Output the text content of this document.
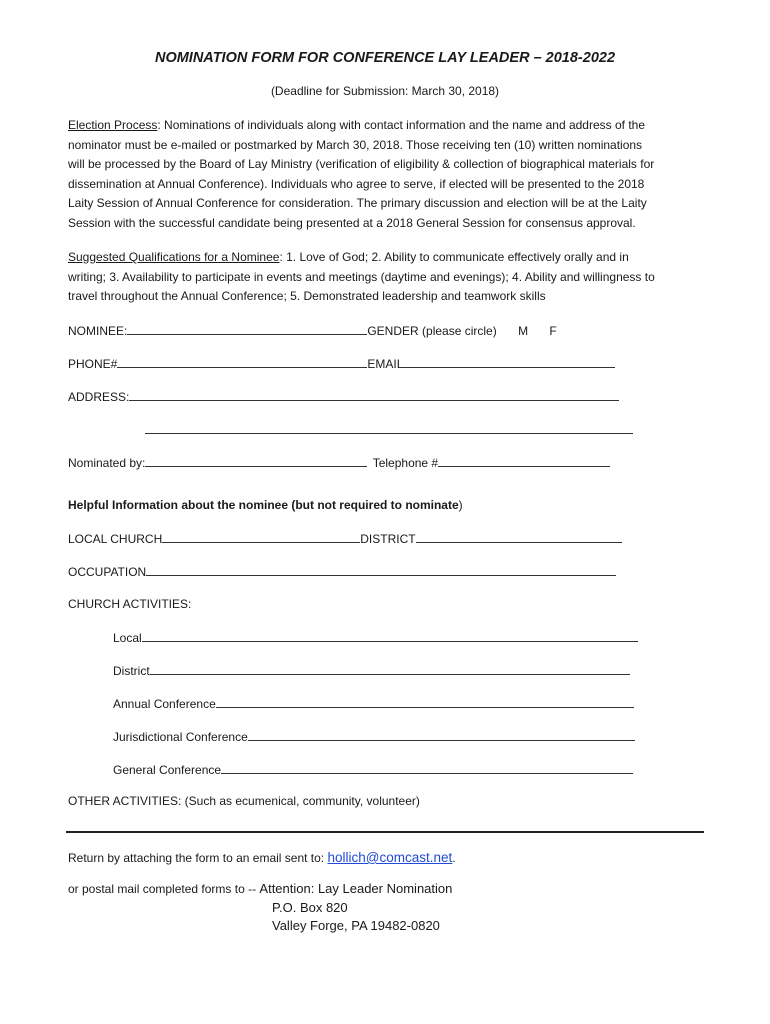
NOMINATION FORM FOR CONFERENCE LAY LEADER – 2018-2022
(Deadline for Submission: March 30, 2018)
Election Process: Nominations of individuals along with contact information and the name and address of the
nominator must be e-mailed or postmarked by March 30, 2018. Those receiving ten (10) written nominations
will be processed by the Board of Lay Ministry (verification of eligibility & collection of biographical materials for
dissemination at Annual Conference). Individuals who agree to serve, if elected will be presented to the 2018
Laity Session of Annual Conference for consideration. The primary discussion and election will be at the Laity
Session with the successful candidate being presented at a 2018 General Session for consensus approval.
Suggested Qualifications for a Nominee: 1. Love of God; 2. Ability to communicate effectively orally and in
writing; 3. Availability to participate in events and meetings (daytime and evenings); 4. Ability and willingness to
travel throughout the Annual Conference; 5. Demonstrated leadership and teamwork skills
NOMINEE:	GENDER (please circle) M F
PHONE#	EMAIL
ADDRESS:
Nominated by:	Telephone #
Helpful Information about the nominee (but not required to nominate)
LOCAL CHURCH	DISTRICT
OCCUPATION
CHURCH ACTIVITIES:
Local
District
Annual Conference
Jurisdictional Conference
General Conference
OTHER ACTIVITIES: (Such as ecumenical, community, volunteer)
Return by attaching the form to an email sent to: hollich@comcast.net.
or postal mail completed forms to -- Attention: Lay Leader Nomination
P.O. Box 820
Valley Forge, PA 19482-0820
